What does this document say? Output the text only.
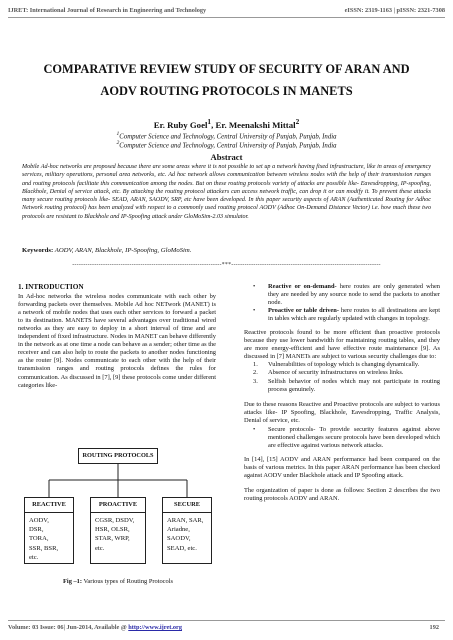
IJRET: International Journal of Research in Engineering and Technology	eISSN: 2319-1163 | pISSN: 2321-7308
COMPARATIVE REVIEW STUDY OF SECURITY OF ARAN AND
AODV ROUTING PROTOCOLS IN MANETS
Er. Ruby Goel$^1$, Er. Meenakshi Mittal$^2$
$^1$Computer Science and Technology, Central University of Punjab, Punjab, India
$^2$Computer Science and Technology, Central University of Punjab, Punjab, India
Abstract
Mobile Ad-hoc networks are proposed because there are some areas where it is not possible to set up a network having fixed infrastructure, like in areas of emergency services, military operations, personal area networks, etc. Ad hoc network allows communication between wireless nodes with the help of their transmission ranges and routing protocols facilitate this communication among the nodes. But on these routing protocols variety of attacks are possible like- Eavesdropping, IP-spoofing, Blackhole, Denial of service attack, etc. By attacking the routing protocol attackers can access network traffic, can drop it or can modify it. To prevent these attacks many secure routing protocols like- SEAD, ARAN, SAODV, SRP, etc have been developed. In this paper security aspects of ARAN (Authenticated Routing for Adhoc Network routing protocol) has been analyzed with respect to a commonly used routing protocol AODV (Adhoc On-Demand Distance Vector) i.e. how much these two protocols are resistant to Blackhole and IP-Spoofing attack under GloMoSim-2.03 simulator.
Keywords: AODV, ARAN, Blackhole, IP-Spoofing, GloMoSim.
--------------------------------------------------------------------***--------------------------------------------------------------------
1. INTRODUCTION

In Ad-hoc networks the wireless nodes communicate with each other by forwarding packets over themselves. Mobile Ad hoc NETwork (MANET) is a network of mobile nodes that uses each other services to forward a packet to its destination. MANETS have several advantages over traditional wired networks as they are easy to deploy in a short interval of time and are independent of fixed infrastructure. Nodes in MANET can behave differently in the network as at one time a node can behave as a sender; other time as the receiver and can also help to route the packets to another nodes functioning as the router [9]. Nodes communicate to each other with the help of their transmission ranges and routing protocols defines the rules for communication. As discussed in [7], [9] these protocols come under different categories like-

ROUTING PROTOCOLS
REACTIVE
AODV,
DSR,
TORA,
SSR, BSR,
etc.
PROACTIVE
CGSR, DSDV,
HSR, OLSR,
STAR, WRP,
etc.
SECURE
ARAN, SAR,
Ariadne,
SAODV,
SEAD, etc.
Fig –1: Various types of Routing Protocols
• Reactive or on-demand- here routes are only generated when they are needed by any source node to send the packets to another node.
• Proactive or table driven- here routes to all destinations are kept in tables which are regularly updated with changes in topology.

Reactive protocols found to be more efficient than proactive protocols because they use lower bandwidth for maintaining routing tables, and they are more energy-efficient and have effective route maintenance [9]. As discussed in [7] MANETs are subject to various security challenges due to:

1. Vulnerabilities of topology which is changing dynamically.
2. Absence of security infrastructures on wireless links.
3. Selfish behavior of nodes which may not participate in routing process genuinely.

Due to these reasons Reactive and Proactive protocols are subject to various attacks like- IP Spoofing, Blackhole, Eavesdropping, Traffic Analysis, Denial of service, etc.

• Secure protocols- To provide security features against above mentioned challenges secure protocols have been developed which are effective against various network attacks.

In [14], [15] AODV and ARAN performance had been compared on the basis of various metrics. In this paper ARAN performance has been checked against AODV under Blackhole attack and IP Spoofing attack.

The organization of paper is done as follows: Section 2 describes the two routing protocols AODV and ARAN.

Volume: 03 Issue: 06| Jun-2014, Available @ http://www.ijret.org	192
